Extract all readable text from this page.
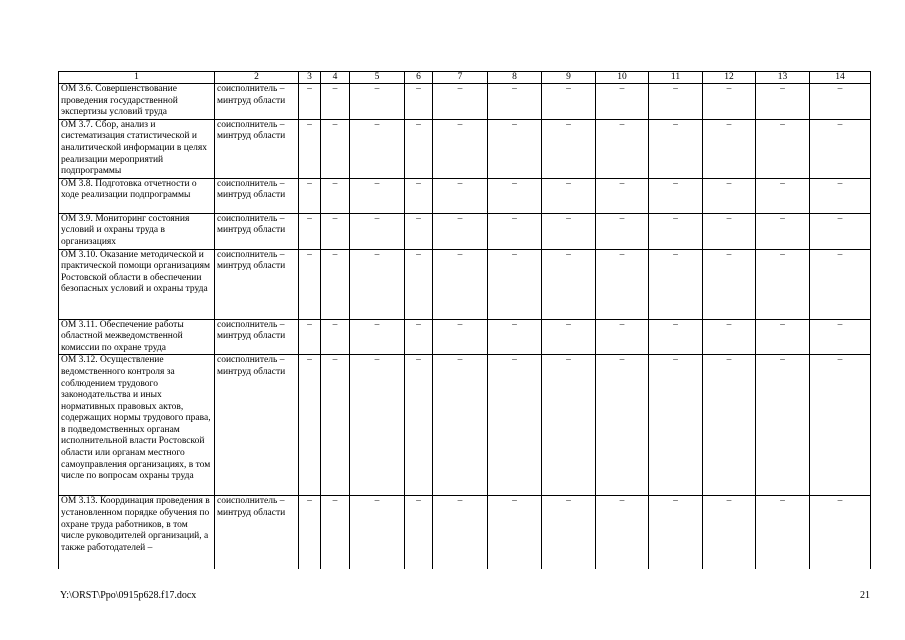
1	2	3	4	5	6	7	8	9	10	11	12	13	14
ОМ 3.6. Совершенствование проведения государственной экспертизы условий труда	соисполнитель – минтруд области	–	–	–	–	–	–	–	–	–	–	–	–
ОМ 3.7. Сбор, анализ и систематизация статистической и аналитической информации в целях реализации мероприятий подпрограммы	соисполнитель – минтруд области	–	–	–	–	–	–	–	–	–	–	–	–
ОМ 3.8. Подготовка отчетности о ходе реализации подпрограммы	соисполнитель – минтруд области	–	–	–	–	–	–	–	–	–	–	–	–
ОМ 3.9. Мониторинг состояния условий и охраны труда в организациях	соисполнитель – минтруд области	–	–	–	–	–	–	–	–	–	–	–	–
ОМ 3.10. Оказание методической и практической помощи организациям Ростовской области в обеспечении безопасных условий и охраны труда	соисполнитель – минтруд области	–	–	–	–	–	–	–	–	–	–	–	–
ОМ 3.11. Обеспечение работы областной межведомственной комиссии по охране труда	соисполнитель – минтруд области	–	–	–	–	–	–	–	–	–	–	–	–
ОМ 3.12. Осуществление ведомственного контроля за соблюдением трудового законодательства и иных нормативных правовых актов, содержащих нормы трудового права, в подведомственных органам исполнительной власти Ростовской области или органам местного самоуправления организациях, в том числе по вопросам охраны труда	соисполнитель – минтруд области	–	–	–	–	–	–	–	–	–	–	–	–
ОМ 3.13. Координация проведения в установленном порядке обучения по охране труда работников, в том числе руководителей организаций, а также работодателей –	соисполнитель – минтруд области	–	–	–	–	–	–	–	–	–	–	–	–
Y:\ORST\Ppo\0915p628.f17.docx	21
